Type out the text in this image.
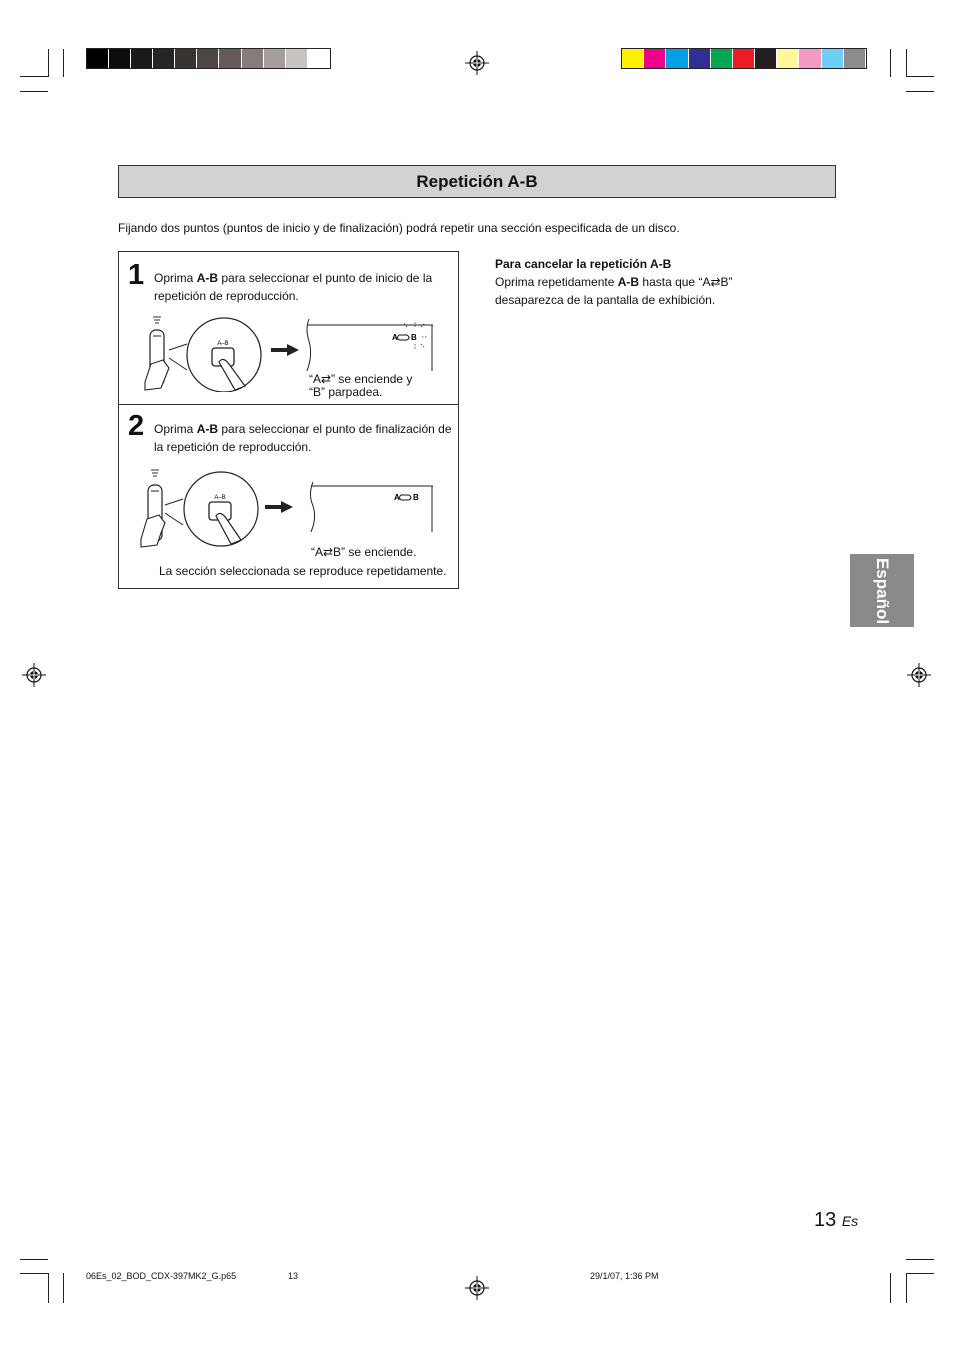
Repetición A-B
Fijando dos puntos (puntos de inicio y de finalización) podrá repetir una sección especificada de un disco.
1 Oprima A-B para seleccionar el punto de inicio de la repetición de reproducción.
A–B
A B
“A⇄” se enciende y
“B” parpadea.
2 Oprima A-B para seleccionar el punto de finalización de la repetición de reproducción.
A–B	A B
“A⇄B” se enciende.
La sección seleccionada se reproduce repetidamente.
Para cancelar la repetición A-B
Oprima repetidamente A-B hasta que “A⇄B” desaparezca de la pantalla de exhibición.
Español
13 Es
06Es_02_BOD_CDX-397MK2_G.p65	13	29/1/07, 1:36 PM
